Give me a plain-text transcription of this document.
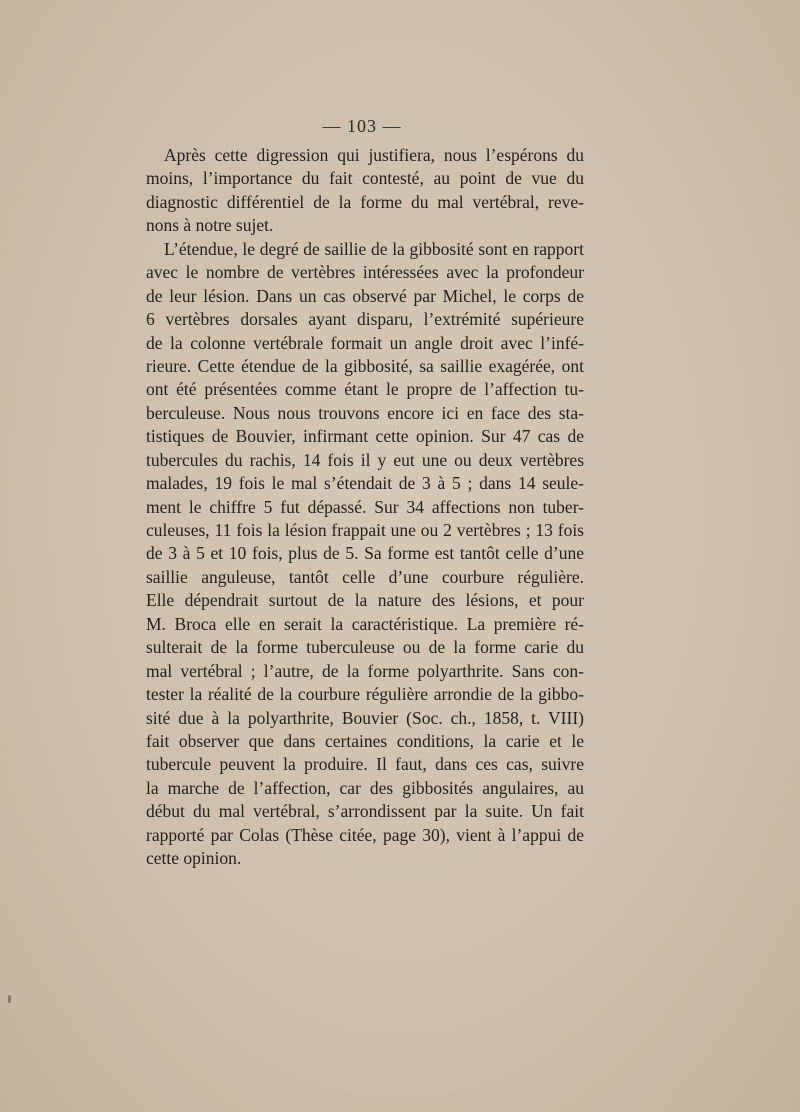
— 103 —
Après cette digression qui justifiera, nous l’espérons du
moins, l’importance du fait contesté, au point de vue du
diagnostic différentiel de la forme du mal vertébral, reve-
nons à notre sujet.
L’étendue, le degré de saillie de la gibbosité sont en rapport
avec le nombre de vertèbres intéressées avec la profondeur
de leur lésion. Dans un cas observé par Michel, le corps de
6 vertèbres dorsales ayant disparu, l’extrémité supérieure
de la colonne vertébrale formait un angle droit avec l’infé-
rieure. Cette étendue de la gibbosité, sa saillie exagérée, ont
ont été présentées comme étant le propre de l’affection tu-
berculeuse. Nous nous trouvons encore ici en face des sta-
tistiques de Bouvier, infirmant cette opinion. Sur 47 cas de
tubercules du rachis, 14 fois il y eut une ou deux vertèbres
malades, 19 fois le mal s’étendait de 3 à 5 ; dans 14 seule-
ment le chiffre 5 fut dépassé. Sur 34 affections non tuber-
culeuses, 11 fois la lésion frappait une ou 2 vertèbres ; 13 fois
de 3 à 5 et 10 fois, plus de 5. Sa forme est tantôt celle d’une
saillie anguleuse, tantôt celle d’une courbure régulière.
Elle dépendrait surtout de la nature des lésions, et pour
M. Broca elle en serait la caractéristique. La première ré-
sulterait de la forme tuberculeuse ou de la forme carie du
mal vertébral ; l’autre, de la forme polyarthrite. Sans con-
tester la réalité de la courbure régulière arrondie de la gibbo-
sité due à la polyarthrite, Bouvier (Soc. ch., 1858, t. VIII)
fait observer que dans certaines conditions, la carie et le
tubercule peuvent la produire. Il faut, dans ces cas, suivre
la marche de l’affection, car des gibbosités angulaires, au
début du mal vertébral, s’arrondissent par la suite. Un fait
rapporté par Colas (Thèse citée, page 30), vient à l’appui de
cette opinion.
